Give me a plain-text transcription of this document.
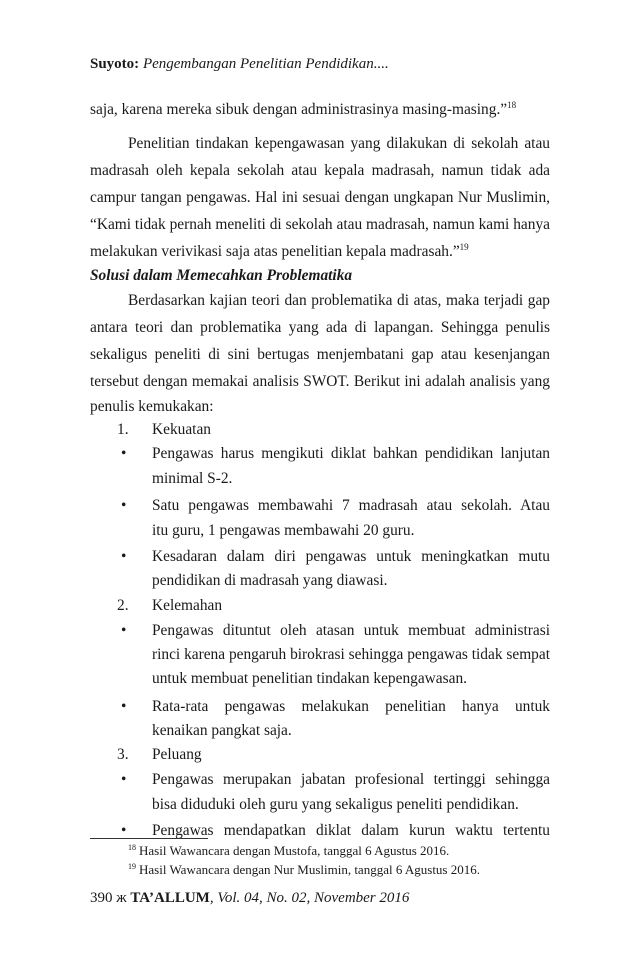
Suyoto: Pengembangan Penelitian Pendidikan....
saja, karena mereka sibuk dengan administrasinya masing-masing.”$^{18}$
Penelitian tindakan kepengawasan yang dilakukan di sekolah atau
madrasah oleh kepala sekolah atau kepala madrasah, namun tidak ada
campur tangan pengawas. Hal ini sesuai dengan ungkapan Nur Muslimin,
“Kami tidak pernah meneliti di sekolah atau madrasah, namun kami hanya
melakukan verivikasi saja atas penelitian kepala madrasah.”$^{19}$
Solusi dalam Memecahkan Problematika
Berdasarkan kajian teori dan problematika di atas, maka terjadi gap
antara teori dan problematika yang ada di lapangan. Sehingga penulis
sekaligus peneliti di sini bertugas menjembatani gap atau kesenjangan
tersebut dengan memakai analisis SWOT. Berikut ini adalah analisis yang
penulis kemukakan:
1. Kekuatan
• Pengawas harus mengikuti diklat bahkan pendidikan lanjutan
minimal S-2.
• Satu pengawas membawahi 7 madrasah atau sekolah. Atau
itu guru, 1 pengawas membawahi 20 guru.
• Kesadaran dalam diri pengawas untuk meningkatkan mutu
pendidikan di madrasah yang diawasi.
2. Kelemahan
• Pengawas dituntut oleh atasan untuk membuat administrasi
rinci karena pengaruh birokrasi sehingga pengawas tidak sempat
untuk membuat penelitian tindakan kepengawasan.
• Rata-rata pengawas melakukan penelitian hanya untuk
kenaikan pangkat saja.
3. Peluang
• Pengawas merupakan jabatan profesional tertinggi sehingga
bisa diduduki oleh guru yang sekaligus peneliti pendidikan.
• Pengawas mendapatkan diklat dalam kurun waktu tertentu
$^{18}$ Hasil Wawancara dengan Mustofa, tanggal 6 Agustus 2016.
$^{19}$ Hasil Wawancara dengan Nur Muslimin, tanggal 6 Agustus 2016.
390 ж TA’ALLUM, Vol. 04, No. 02, November 2016
